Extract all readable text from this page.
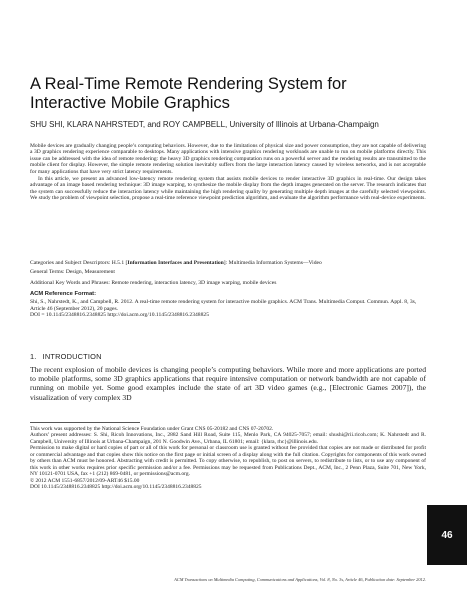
A Real-Time Remote Rendering System for Interactive Mobile Graphics
SHU SHI, KLARA NAHRSTEDT, and ROY CAMPBELL, University of Illinois at Urbana-Champaign

Mobile devices are gradually changing people’s computing behaviors. However, due to the limitations of physical size and power consumption, they are not capable of delivering a 3D graphics rendering experience comparable to desktops. Many applications with intensive graphics rendering workloads are unable to run on mobile platforms directly. This issue can be addressed with the idea of remote rendering: the heavy 3D graphics rendering computation runs on a powerful server and the rendering results are transmitted to the mobile client for display. However, the simple remote rendering solution inevitably suffers from the large interaction latency caused by wireless networks, and is not acceptable for many applications that have very strict latency requirements.

In this article, we present an advanced low-latency remote rendering system that assists mobile devices to render interactive 3D graphics in real-time. Our design takes advantage of an image based rendering technique: 3D image warping, to synthesize the mobile display from the depth images generated on the server. The research indicates that the system can successfully reduce the interaction latency while maintaining the high rendering quality by generating multiple depth images at the carefully selected viewpoints. We study the problem of viewpoint selection, propose a real-time reference viewpoint prediction algorithm, and evaluate the algorithm performance with real-device experiments.

Categories and Subject Descriptors: H.5.1 [Information Interfaces and Presentation]: Multimedia Information Systems—Video
General Terms: Design, Measurement
Additional Key Words and Phrases: Remote rendering, interaction latency, 3D image warping, mobile devices
ACM Reference Format:
Shi, S., Nahrstedt, K., and Campbell, R. 2012. A real-time remote rendering system for interactive mobile graphics. ACM Trans. Multimedia Comput. Commun. Appl. 8, 3s, Article 46 (September 2012), 20 pages.
DOI = 10.1145/2348816.2348825 http://doi.acm.org/10.1145/2348816.2348825
1. INTRODUCTION

The recent explosion of mobile devices is changing people’s computing behaviors. While more and more applications are ported to mobile platforms, some 3D graphics applications that require intensive computation or network bandwidth are not capable of running on mobile yet. Some good examples include the state of art 3D video games (e.g., [Electronic Games 2007]), the visualization of very complex 3D

This work was supported by the National Science Foundation under Grant CNS 05-20182 and CNS 07-20702.

Authors’ present addresses: S. Shi, Ricoh Innovations, Inc., 2882 Sand Hill Road, Suite 115, Menlo Park, CA 94025-7057; email: shushi@rii.ricoh.com; K. Nahrstedt and R. Campbell, University of Illinois at Urbana-Champaign, 201 N. Goodwin Ave., Urbana, IL 61801; email: {klara, rhc}@illinois.edu.

Permission to make digital or hard copies of part or all of this work for personal or classroom use is granted without fee provided that copies are not made or distributed for profit or commercial advantage and that copies show this notice on the first page or initial screen of a display along with the full citation. Copyrights for components of this work owned by others than ACM must be honored. Abstracting with credit is permitted. To copy otherwise, to republish, to post on servers, to redistribute to lists, or to use any component of this work in other works requires prior specific permission and/or a fee. Permissions may be requested from Publications Dept., ACM, Inc., 2 Penn Plaza, Suite 701, New York, NY 10121-0701 USA, fax +1 (212) 869-0481, or permissions@acm.org.

© 2012 ACM 1551-6857/2012/09-ART46 $15.00

DOI 10.1145/2348816.2348825 http://doi.acm.org/10.1145/2348816.2348825

46
ACM Transactions on Multimedia Computing, Communications and Applications, Vol. 8, No. 3s, Article 46, Publication date: September 2012.
